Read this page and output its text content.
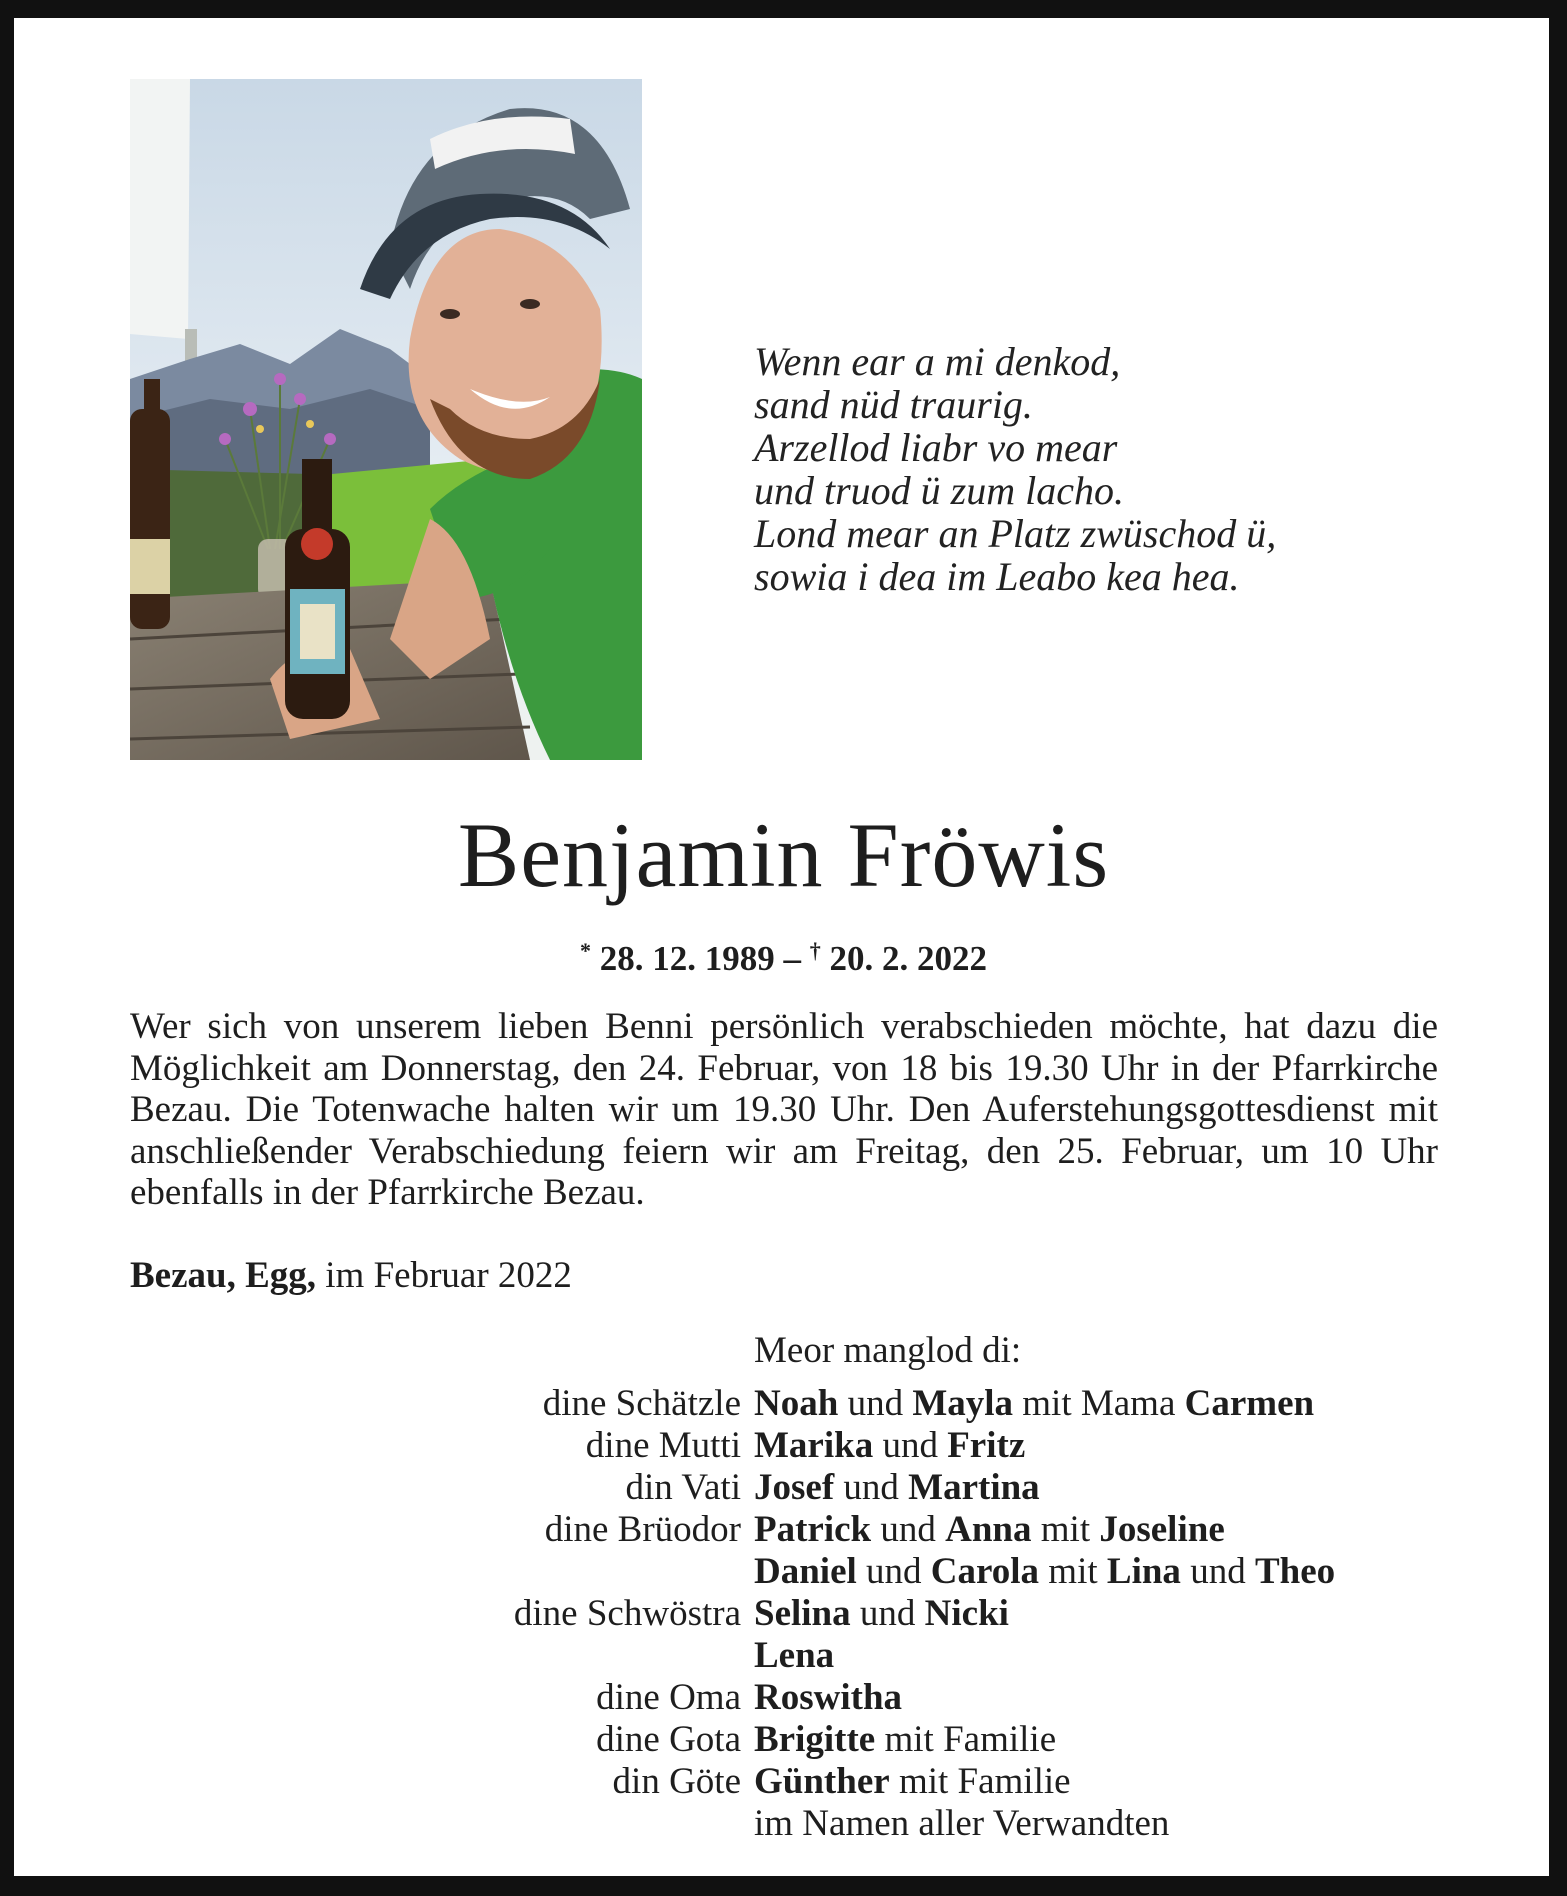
Wenn ear a mi denkod,
sand nüd traurig.
Arzellod liabr vo mear
und truod ü zum lacho.
Lond mear an Platz zwüschod ü,
sowia i dea im Leabo kea hea.
Benjamin Fröwis
* 28. 12. 1989 – † 20. 2. 2022
Wer sich von unserem lieben Benni persönlich verabschieden möchte, hat dazu die Möglichkeit am Donnerstag, den 24. Februar, von 18 bis 19.30 Uhr in der Pfarrkirche Bezau. Die Totenwache halten wir um 19.30 Uhr. Den Auferstehungsgottesdienst mit anschließender Verabschiedung feiern wir am Freitag, den 25. Februar, um 10 Uhr ebenfalls in der Pfarrkirche Bezau.
Bezau, Egg, im Februar 2022
Meor manglod di:
dine Schätzle Noah und Mayla mit Mama Carmen
dine Mutti Marika und Fritz
din Vati Josef und Martina
dine Brüodor Patrick und Anna mit Joseline
Daniel und Carola mit Lina und Theo
dine Schwöstra Selina und Nicki
Lena
dine Oma Roswitha
dine Gota Brigitte mit Familie
din Göte Günther mit Familie
im Namen aller Verwandten
